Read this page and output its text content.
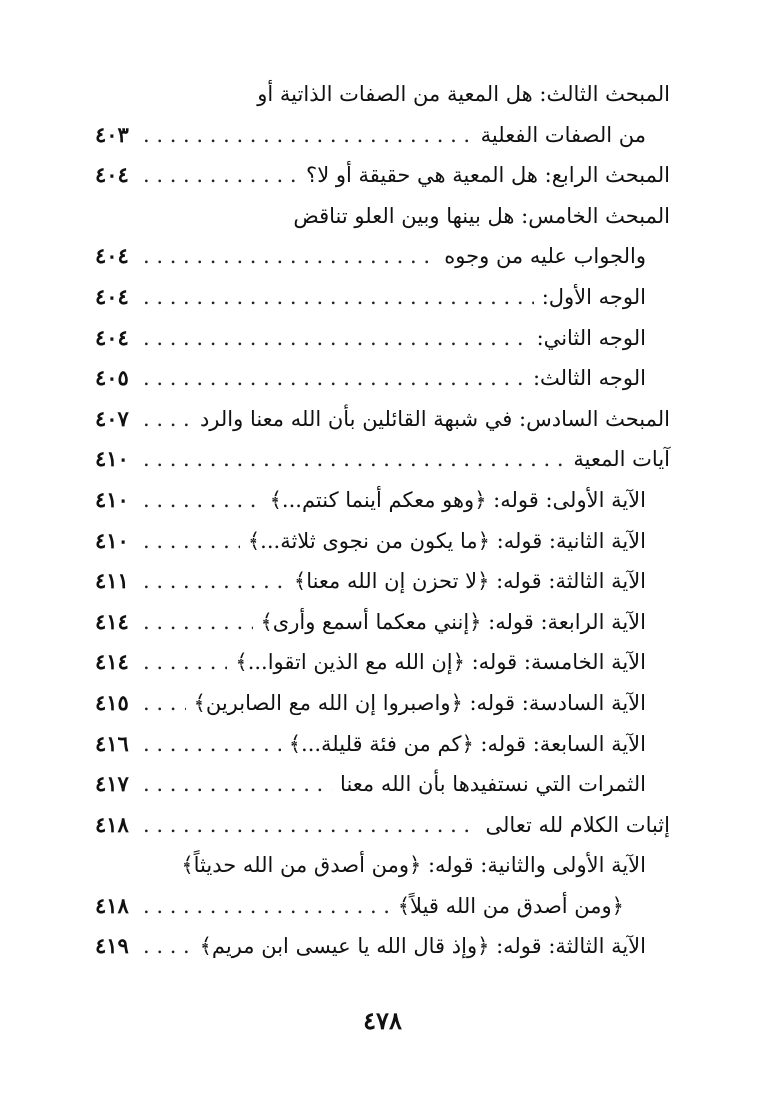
المبحث الثالث: هل المعية من الصفات الذاتية أو
من الصفات الفعلية
. . .
٤٠٣
المبحث الرابع: هل المعية هي حقيقة أو لا؟
. . .
٤٠٤
المبحث الخامس: هل بينها وبين العلو تناقض
والجواب عليه من وجوه
. . .
٤٠٤
الوجه الأول:
. . .
٤٠٤
الوجه الثاني:
. . .
٤٠٤
الوجه الثالث:
. . .
٤٠٥
المبحث السادس: في شبهة القائلين بأن الله معنا والرد
. . .
٤٠٧
آيات المعية
. . .
٤١٠
الآية الأولى: قوله: ﴿وهو معكم أينما كنتم...﴾
. . .
٤١٠
الآية الثانية: قوله: ﴿ما يكون من نجوى ثلاثة...﴾
. . .
٤١٠
الآية الثالثة: قوله: ﴿لا تحزن إن الله معنا﴾
. . .
٤١١
الآية الرابعة: قوله: ﴿إنني معكما أسمع وأرى﴾
. . .
٤١٤
الآية الخامسة: قوله: ﴿إن الله مع الذين اتقوا...﴾
. . .
٤١٤
الآية السادسة: قوله: ﴿واصبروا إن الله مع الصابرين﴾
. . .
٤١٥
الآية السابعة: قوله: ﴿كم من فئة قليلة...﴾
. . .
٤١٦
الثمرات التي نستفيدها بأن الله معنا
. . .
٤١٧
إثبات الكلام لله تعالى
. . .
٤١٨
الآية الأولى والثانية: قوله: ﴿ومن أصدق من الله حديثاً﴾
﴿ومن أصدق من الله قيلاً﴾
. . .
٤١٨
الآية الثالثة: قوله: ﴿وإذ قال الله يا عيسى ابن مريم﴾
. . .
٤١٩
٤٧٨
